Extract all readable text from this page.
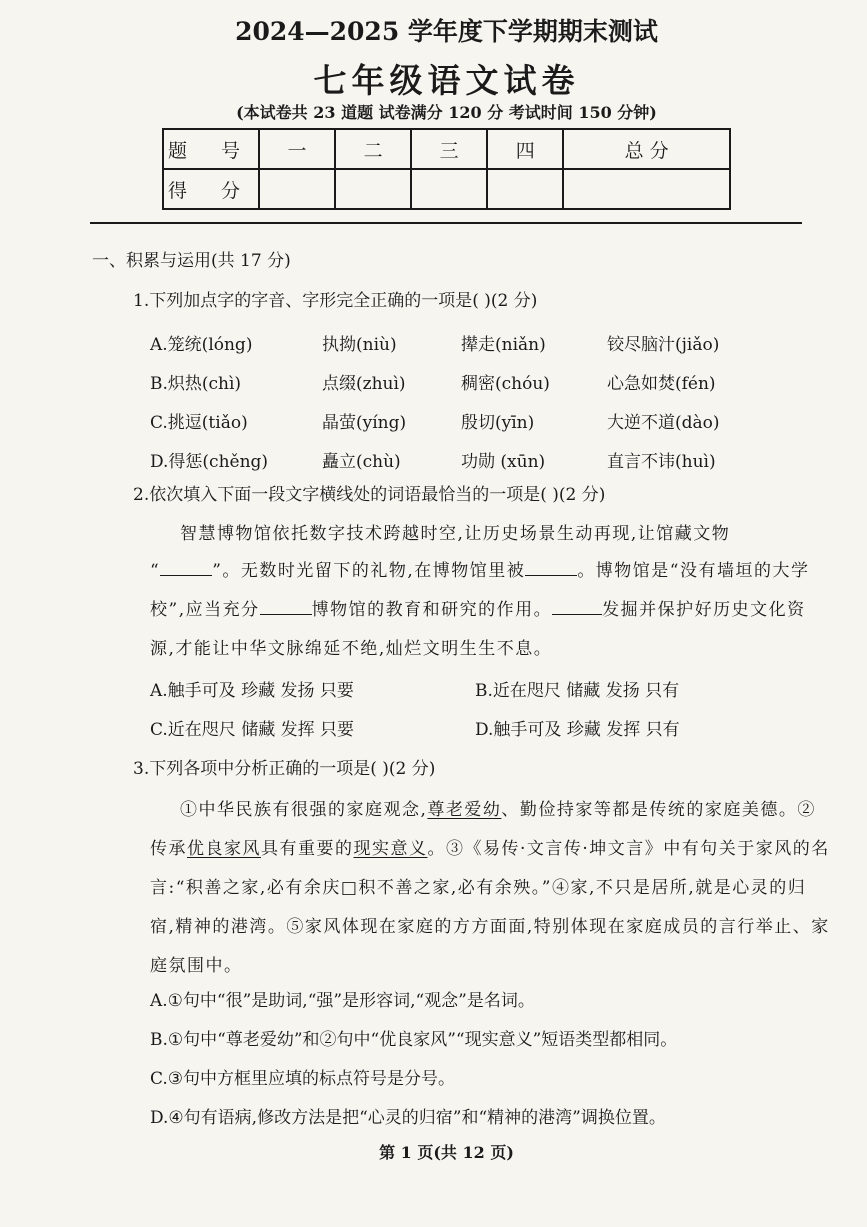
2024—2025 学年度下学期期末测试
七年级语文试卷
(本试卷共 23 道题 试卷满分 120 分 考试时间 150 分钟)
题 号	一	二	三	四	总 分
得 分					
一、积累与运用(共 17 分)
1.下列加点字的字音、字形完全正确的一项是( )(2 分)
A.笼统(lóng)	执拗(niù)	撵走(niǎn)	铰尽脑汁(jiǎo)
B.炽热(chì)	点缀(zhuì)	稠密(chóu)	心急如焚(fén)
C.挑逗(tiǎo)	晶萤(yíng)	殷切(yīn)	大逆不道(dào)
D.得惩(chěng)	矗立(chù)	功勋 (xūn)	直言不讳(huì)
2.依次填入下面一段文字横线处的词语最恰当的一项是( )(2 分)
智慧博物馆依托数字技术跨越时空,让历史场景生动再现,让馆藏文物
“	”。无数时光留下的礼物,在博物馆里被	。博物馆是“没有墙垣的大学
校”,应当充分	博物馆的教育和研究的作用。	发掘并保护好历史文化资
源,才能让中华文脉绵延不绝,灿烂文明生生不息。
A.触手可及 珍藏 发扬 只要	B.近在咫尺 储藏 发扬 只有
C.近在咫尺 储藏 发挥 只要	D.触手可及 珍藏 发挥 只有
3.下列各项中分析正确的一项是( )(2 分)
①中华民族有很强的家庭观念,尊老爱幼、勤俭持家等都是传统的家庭美德。②
传承优良家风具有重要的现实意义。③《易传·文言传·坤文言》中有句关于家风的名
言:“积善之家,必有余庆□积不善之家,必有余殃。”④家,不只是居所,就是心灵的归
宿,精神的港湾。⑤家风体现在家庭的方方面面,特别体现在家庭成员的言行举止、家
庭氛围中。
A.①句中“很”是助词,“强”是形容词,“观念”是名词。
B.①句中“尊老爱幼”和②句中“优良家风”“现实意义”短语类型都相同。
C.③句中方框里应填的标点符号是分号。
D.④句有语病,修改方法是把“心灵的归宿”和“精神的港湾”调换位置。
第 1 页(共 12 页)
